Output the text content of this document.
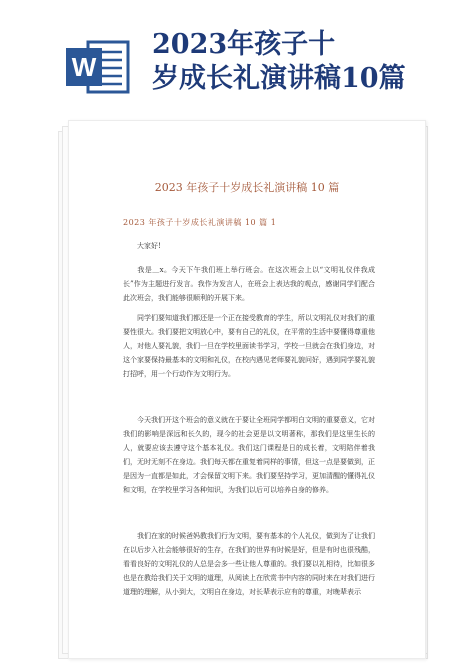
W
2023年孩子十
岁成长礼演讲稿10篇
2023 年孩子十岁成长礼演讲稿 10 篇
2023 年孩子十岁成长礼演讲稿 10 篇 1
大家好!
我是＿x。今天下午我们班上举行班会。在这次班会上以“文明礼仪伴我成长”作为主题进行发言。我作为发言人，在班会上表达我的观点，感谢同学们配合此次班会，我们能够很顺利的开展下来。
同学们要知道我们都还是一个正在接受教育的学生，所以文明礼仪对我们的重要性很大。我们要把文明放心中，要有自己的礼仪，在平常的生活中要懂得尊重他人，对他人要礼貌，我们一旦在学校里面读书学习，学校一旦就会在我们身边，对这个家要保持最基本的文明和礼仪，在校内遇见老师要礼貌问好，遇到同学要礼貌打招呼，用一个行动作为文明行为。
今天我们开这个班会的意义就在于要让全班同学都明白文明的重要意义，它对我们的影响是深远和长久的，现今的社会更是以文明著称，那我们是这里生长的人，就要应该去遵守这个基本礼仪。我们这门课程是日的成长着，文明陪伴着我们，无时无刻不在身边。我们每天都在重复着同样的事情，但这一点是要做到，正是因为一直都是如此，才会保留文明下来。我们要坚持学习，更加清醒的懂得礼仪和文明，在学校里学习各种知识，为我们以后可以培养自身的修养。
我们在家的时候爸妈教我们行为文明，要有基本的个人礼仪，做到为了让我们在以后步入社会能够很好的生存，在我们的世界有时候是好，但是有时也很残酷，看看良好的文明礼仪的人总是会多一些让他人尊重的。我们要以礼相待，比如很多也是在教给我们关于文明的道理，从阅读上在欣赏书中内容的同时来在对我们进行道理的理解，从小到大，文明自在身边，对长辈表示应有的尊重，对晚辈表示
